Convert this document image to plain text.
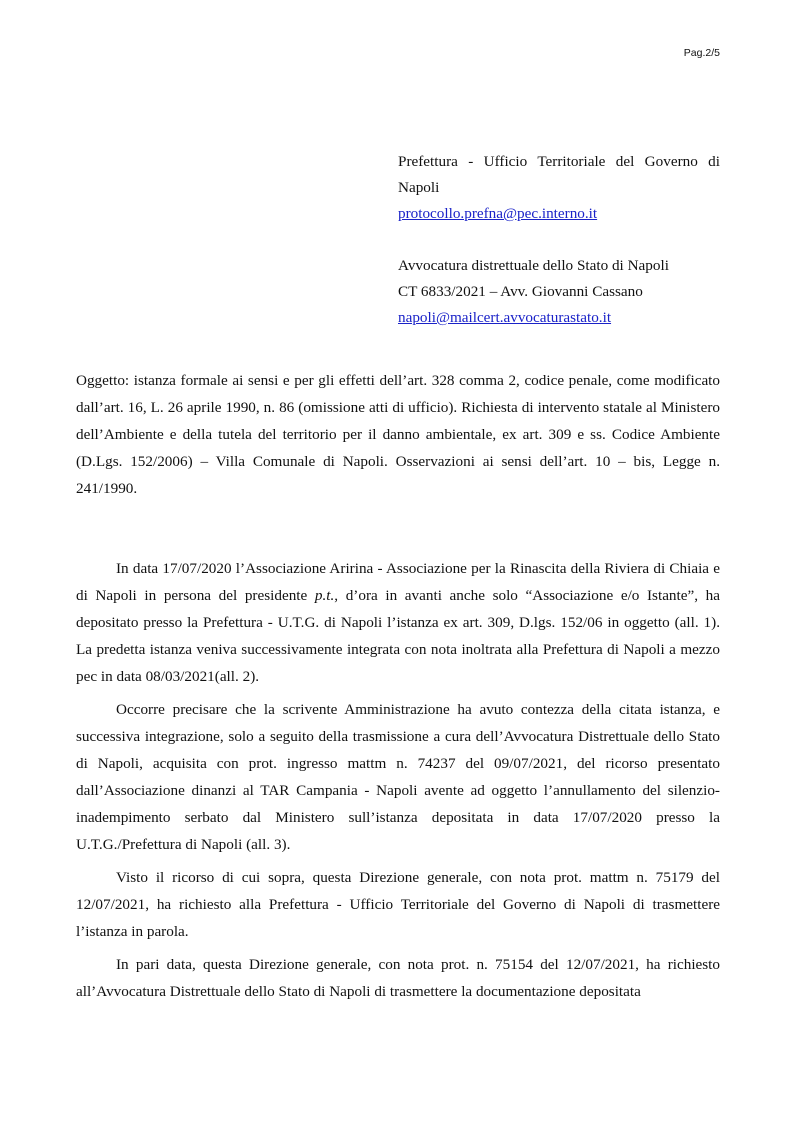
Pag.2/5

Prefettura - Ufficio Territoriale del Governo di Napoli

protocollo.prefna@pec.interno.it

Avvocatura distrettuale dello Stato di Napoli

CT 6833/2021 – Avv. Giovanni Cassano

napoli@mailcert.avvocaturastato.it

Oggetto: istanza formale ai sensi e per gli effetti dell’art. 328 comma 2, codice penale, come modificato dall’art. 16, L. 26 aprile 1990, n. 86 (omissione atti di ufficio). Richiesta di intervento statale al Ministero dell’Ambiente e della tutela del territorio per il danno ambientale, ex art. 309 e ss. Codice Ambiente (D.Lgs. 152/2006) – Villa Comunale di Napoli. Osservazioni ai sensi dell’art. 10 – bis, Legge n. 241/1990.

In data 17/07/2020 l’Associazione Aririna - Associazione per la Rinascita della Riviera di Chiaia e di Napoli in persona del presidente p.t., d’ora in avanti anche solo “Associazione e/o Istante”, ha depositato presso la Prefettura - U.T.G. di Napoli l’istanza ex art. 309, D.lgs. 152/06 in oggetto (all. 1). La predetta istanza veniva successivamente integrata con nota inoltrata alla Prefettura di Napoli a mezzo pec in data 08/03/2021(all. 2).

Occorre precisare che la scrivente Amministrazione ha avuto contezza della citata istanza, e successiva integrazione, solo a seguito della trasmissione a cura dell’Avvocatura Distrettuale dello Stato di Napoli, acquisita con prot. ingresso mattm n. 74237 del 09/07/2021, del ricorso presentato dall’Associazione dinanzi al TAR Campania - Napoli avente ad oggetto l’annullamento del silenzio-inadempimento serbato dal Ministero sull’istanza depositata in data 17/07/2020 presso la U.T.G./Prefettura di Napoli (all. 3).

Visto il ricorso di cui sopra, questa Direzione generale, con nota prot. mattm n. 75179 del 12/07/2021, ha richiesto alla Prefettura - Ufficio Territoriale del Governo di Napoli di trasmettere l’istanza in parola.

In pari data, questa Direzione generale, con nota prot. n. 75154 del 12/07/2021, ha richiesto all’Avvocatura Distrettuale dello Stato di Napoli di trasmettere la documentazione depositata
